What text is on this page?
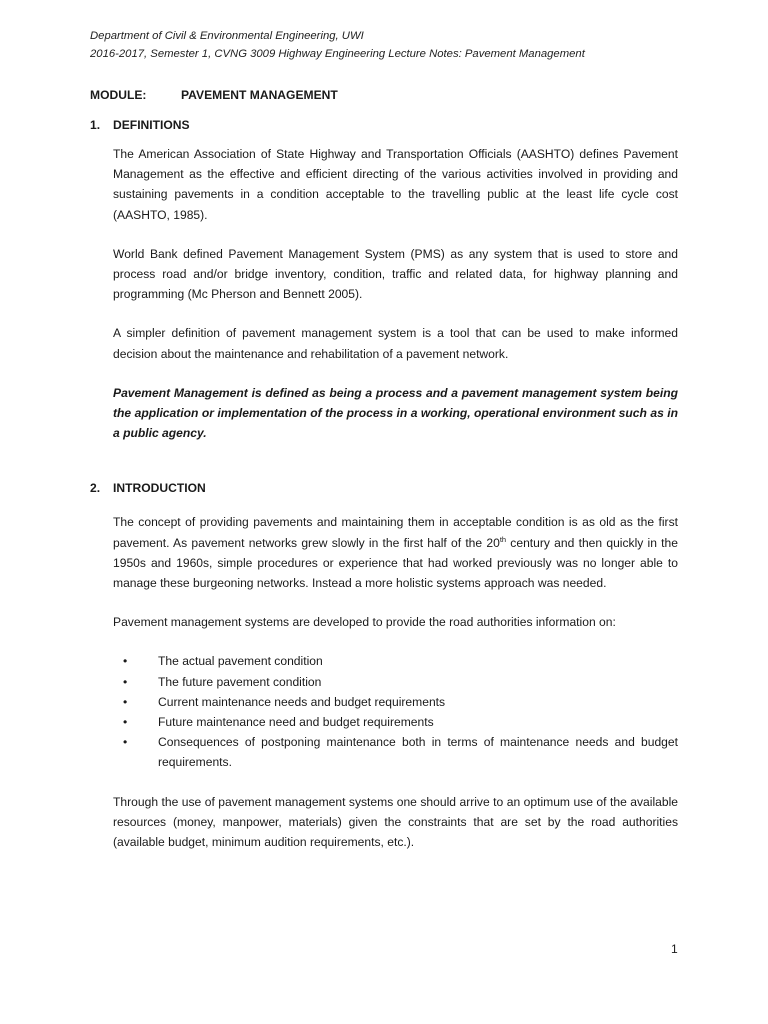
Department of Civil & Environmental Engineering, UWI
2016-2017, Semester 1, CVNG 3009 Highway Engineering Lecture Notes: Pavement Management
MODULE:	PAVEMENT MANAGEMENT
1. DEFINITIONS

The American Association of State Highway and Transportation Officials (AASHTO) defines Pavement Management as the effective and efficient directing of the various activities involved in providing and sustaining pavements in a condition acceptable to the travelling public at the least life cycle cost (AASHTO, 1985).

World Bank defined Pavement Management System (PMS) as any system that is used to store and process road and/or bridge inventory, condition, traffic and related data, for highway planning and programming (Mc Pherson and Bennett 2005).

A simpler definition of pavement management system is a tool that can be used to make informed decision about the maintenance and rehabilitation of a pavement network.

Pavement Management is defined as being a process and a pavement management system being the application or implementation of the process in a working, operational environment such as in a public agency.

2. INTRODUCTION

The concept of providing pavements and maintaining them in acceptable condition is as old as the first pavement. As pavement networks grew slowly in the first half of the 20th century and then quickly in the 1950s and 1960s, simple procedures or experience that had worked previously was no longer able to manage these burgeoning networks. Instead a more holistic systems approach was needed.

Pavement management systems are developed to provide the road authorities information on:

•	The actual pavement condition
•	The future pavement condition
•	Current maintenance needs and budget requirements
•	Future maintenance need and budget requirements
•	Consequences of postponing maintenance both in terms of maintenance needs and budget requirements.

Through the use of pavement management systems one should arrive to an optimum use of the available resources (money, manpower, materials) given the constraints that are set by the road authorities (available budget, minimum audition requirements, etc.).

1
